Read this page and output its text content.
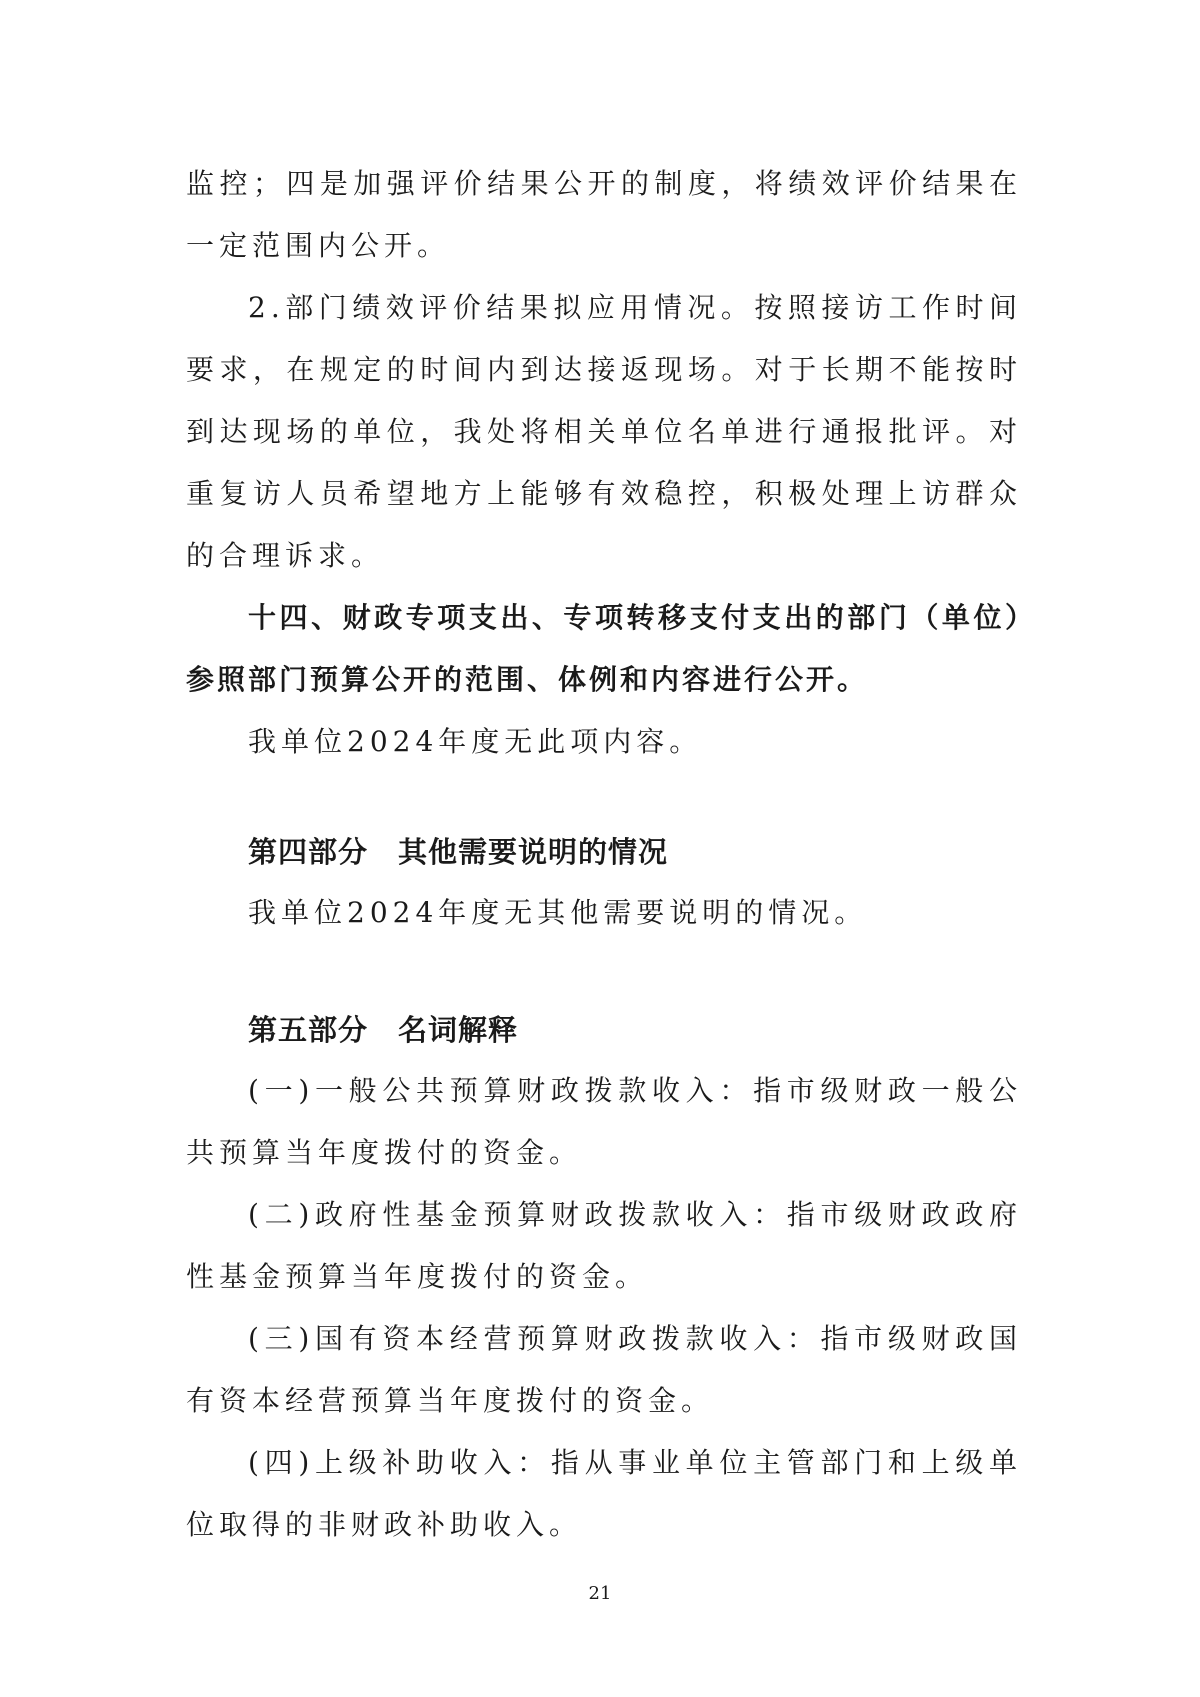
监控；四是加强评价结果公开的制度，将绩效评价结果在一定范围内公开。

2.部门绩效评价结果拟应用情况。按照接访工作时间要求，在规定的时间内到达接返现场。对于长期不能按时到达现场的单位，我处将相关单位名单进行通报批评。对重复访人员希望地方上能够有效稳控，积极处理上访群众的合理诉求。

十四、财政专项支出、专项转移支付支出的部门（单位）参照部门预算公开的范围、体例和内容进行公开。

我单位2024年度无此项内容。

第四部分　其他需要说明的情况

我单位2024年度无其他需要说明的情况。

第五部分　名词解释

(一)一般公共预算财政拨款收入：指市级财政一般公共预算当年度拨付的资金。

(二)政府性基金预算财政拨款收入：指市级财政政府性基金预算当年度拨付的资金。

(三)国有资本经营预算财政拨款收入：指市级财政国有资本经营预算当年度拨付的资金。

(四)上级补助收入：指从事业单位主管部门和上级单位取得的非财政补助收入。

21
